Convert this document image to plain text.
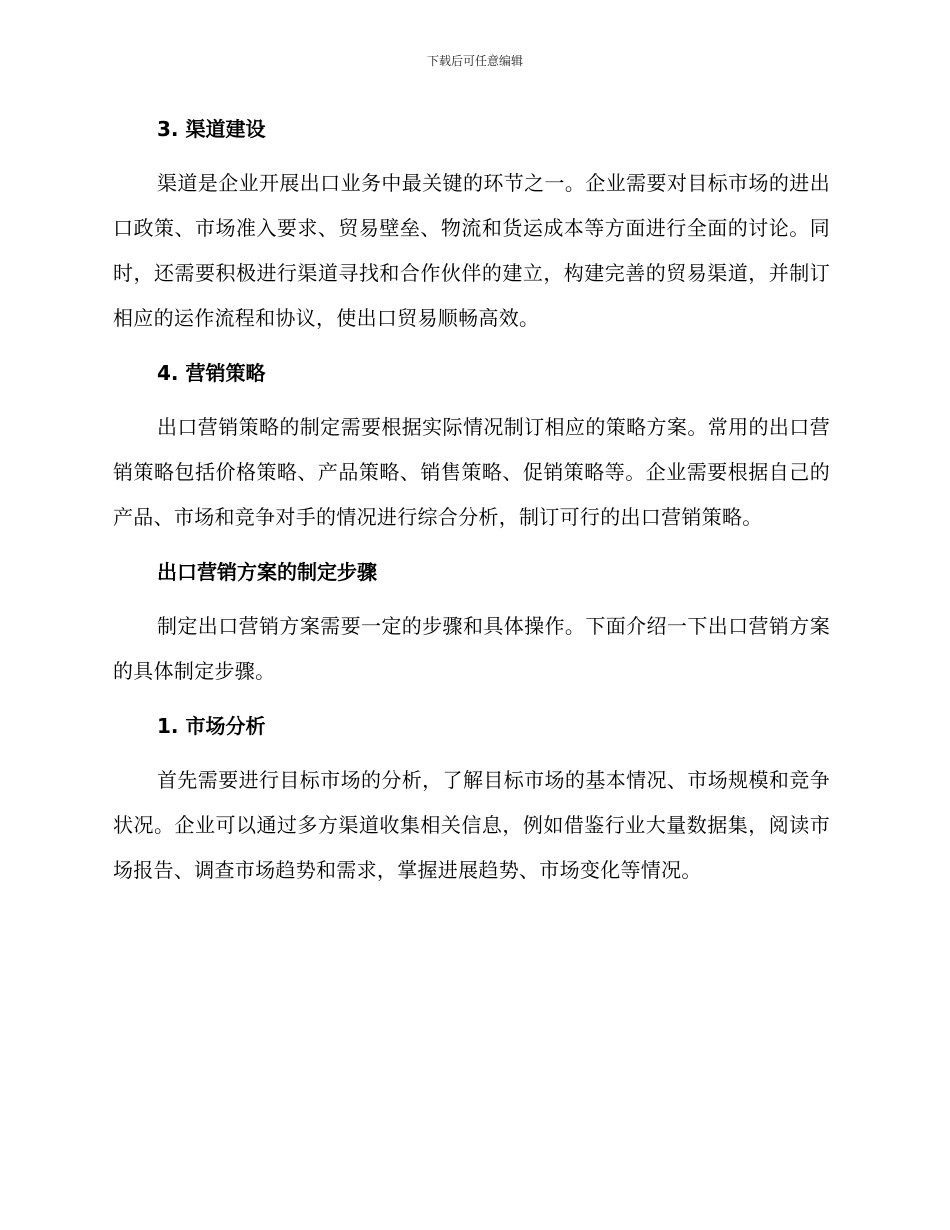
下载后可任意编辑
3. 渠道建设

渠道是企业开展出口业务中最关键的环节之一。企业需要对目标市场的进出口政策、市场准入要求、贸易壁垒、物流和货运成本等方面进行全面的讨论。同时，还需要积极进行渠道寻找和合作伙伴的建立，构建完善的贸易渠道，并制订相应的运作流程和协议，使出口贸易顺畅高效。

4. 营销策略

出口营销策略的制定需要根据实际情况制订相应的策略方案。常用的出口营销策略包括价格策略、产品策略、销售策略、促销策略等。企业需要根据自己的产品、市场和竞争对手的情况进行综合分析，制订可行的出口营销策略。

出口营销方案的制定步骤

制定出口营销方案需要一定的步骤和具体操作。下面介绍一下出口营销方案的具体制定步骤。

1. 市场分析

首先需要进行目标市场的分析，了解目标市场的基本情况、市场规模和竞争状况。企业可以通过多方渠道收集相关信息，例如借鉴行业大量数据集，阅读市场报告、调查市场趋势和需求，掌握进展趋势、市场变化等情况。
